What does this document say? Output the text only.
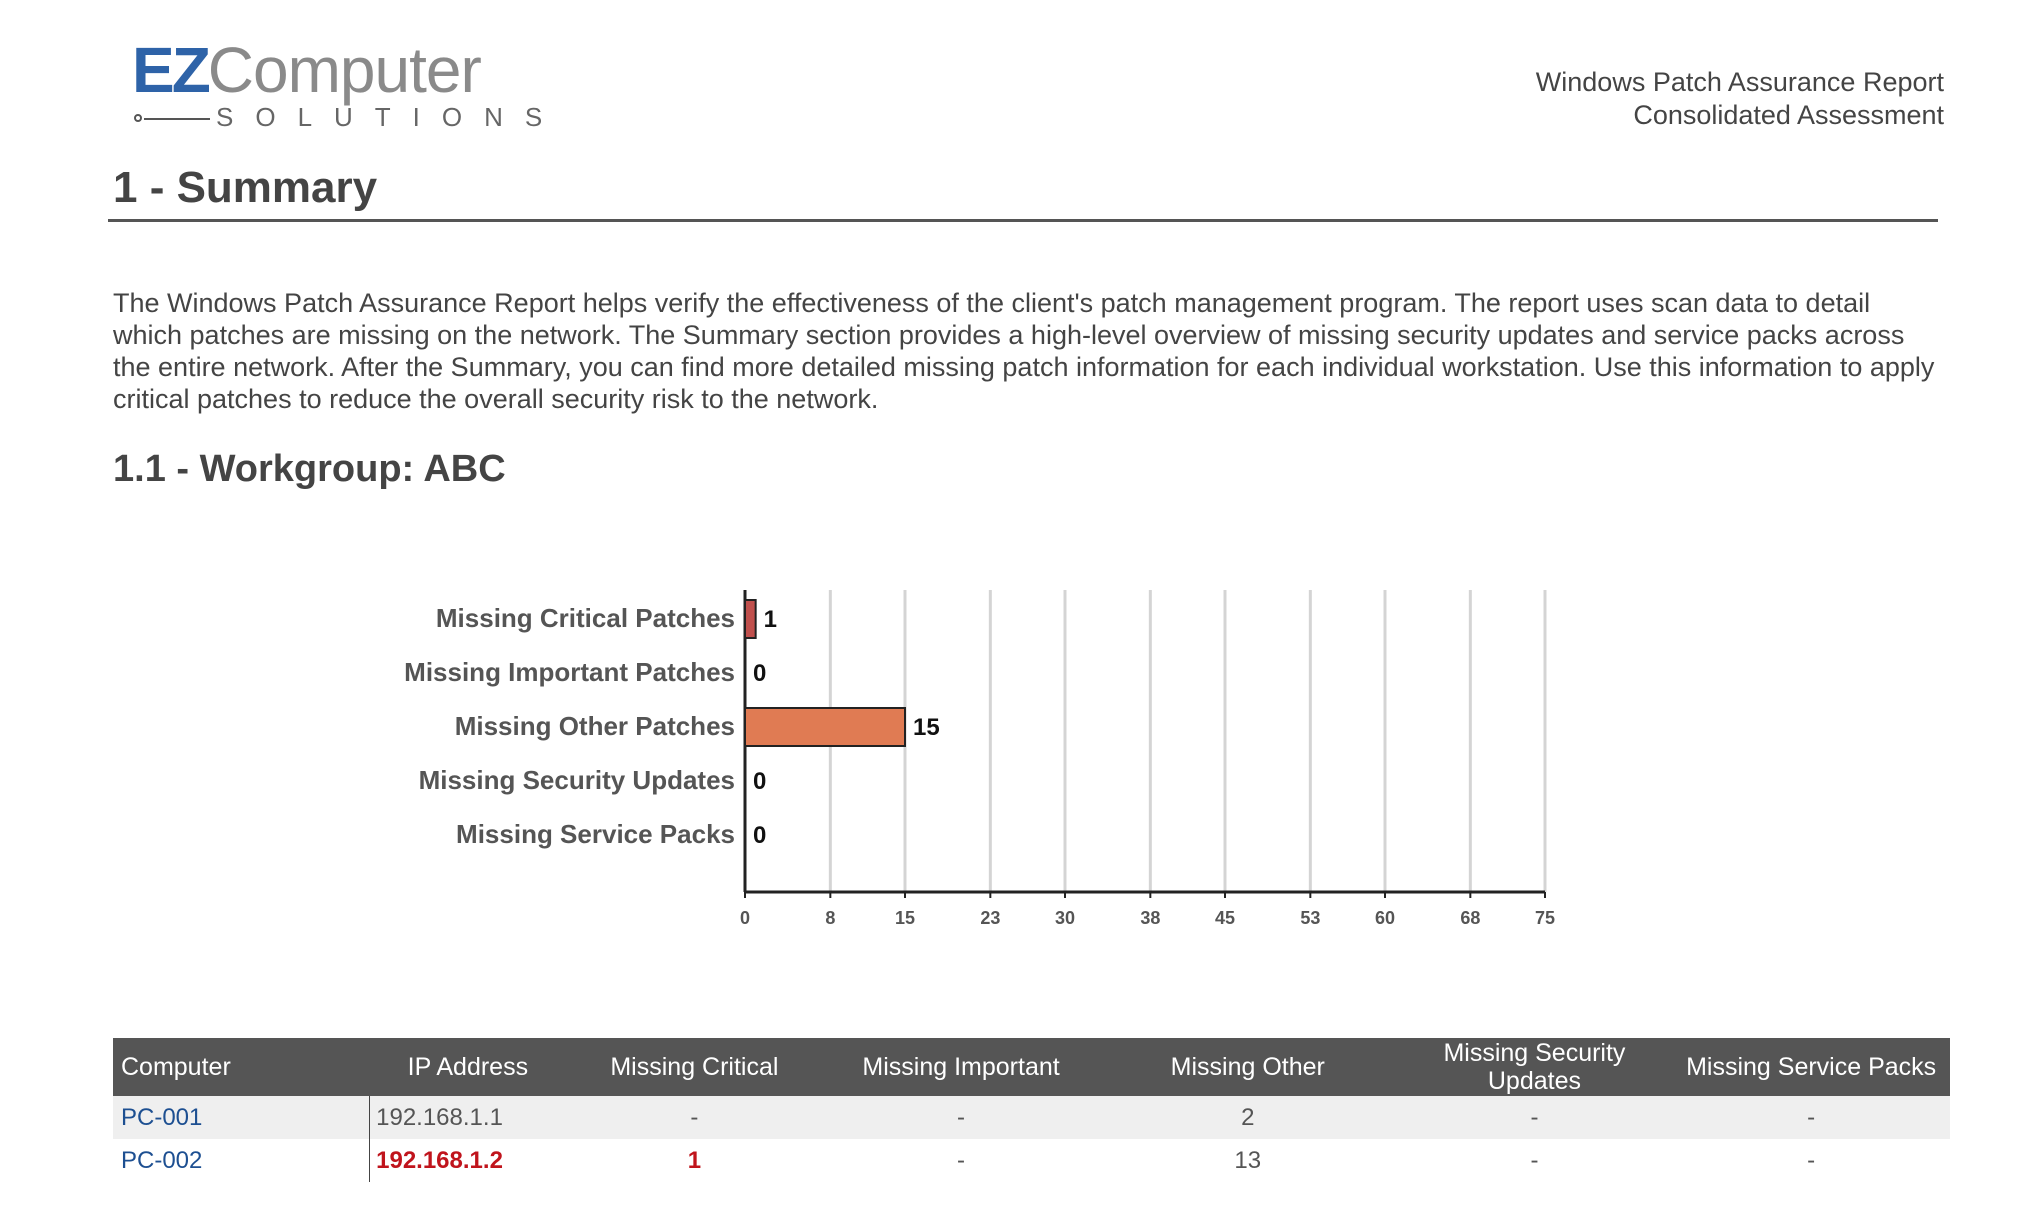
EZComputer
SOLUTIONS
Windows Patch Assurance Report
Consolidated Assessment
1 - Summary
The Windows Patch Assurance Report helps verify the effectiveness of the client's patch management program. The report uses scan data to detail which patches are missing on the network. The Summary section provides a high-level overview of missing security updates and service packs across the entire network. After the Summary, you can find more detailed missing patch information for each individual workstation. Use this information to apply critical patches to reduce the overall security risk to the network.
1.1 - Workgroup: ABC
0	8	15	23	30	38	45	53	60	68	75
Missing Critical Patches 1
Missing Important Patches 0
Missing Other Patches	15
Missing Security Updates 0
Missing Service Packs 0
Computer	IP Address	Missing Critical	Missing Important	Missing Other	Missing Security Updates	Missing Service Packs
PC-001	192.168.1.1	-	-	2	-	-
PC-002	192.168.1.2	1	-	13	-	-
